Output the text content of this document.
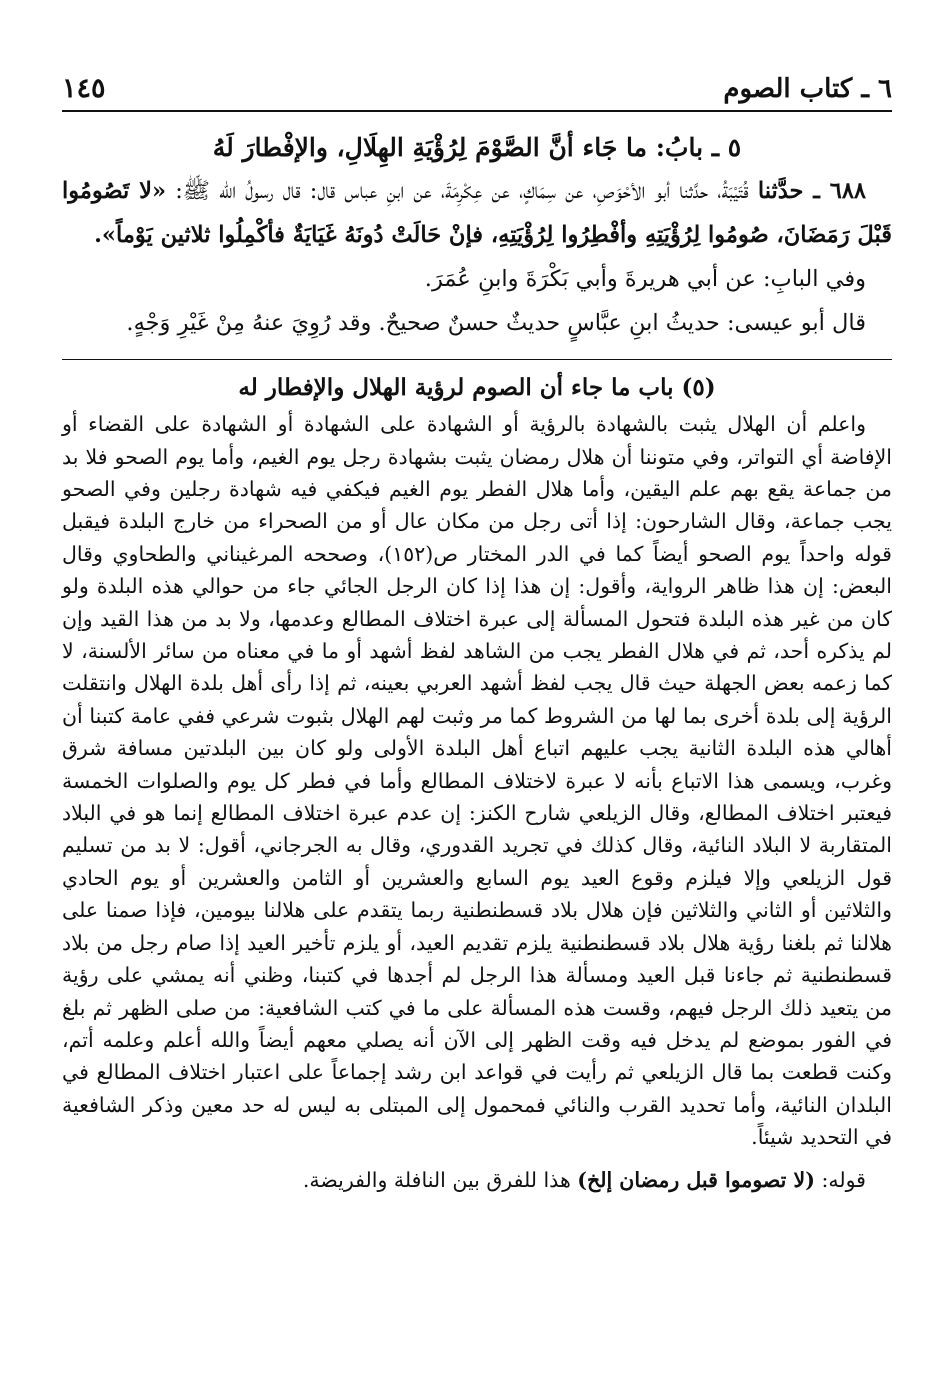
٦ ـ كتاب الصوم
١٤٥
٥ ـ بابُ: ما جَاء أنَّ الصَّوْمَ لِرُؤْيَةِ الهِلَالِ، والإفْطارَ لَهُ

٦٨٨ ـ حدَّثنا قُتَيْبَةُ، حدَّثنا أبو الأحْوَصِ، عن سِمَاكٍ، عن عِكْرِمَةَ، عن ابنِ عباس قال: قال رسولُ الله ﷺ: «لا تَصُومُوا قَبْلَ رَمَضَانَ، صُومُوا لِرُؤْيَتِهِ وأفْطِرُوا لِرُؤْيَتِهِ، فإنْ حَالَتْ دُونَهُ غَيَايَةٌ فأكْمِلُوا ثلاثين يَوْماً».

وفي البابِ: عن أبي هريرةَ وأبي بَكْرَةَ وابنِ عُمَرَ.

قال أبو عيسى: حديثُ ابنِ عبَّاسٍ حديثٌ حسنٌ صحيحٌ. وقد رُوِيَ عنهُ مِنْ غَيْرِ وَجْهٍ.

(٥) باب ما جاء أن الصوم لرؤية الهلال والإفطار له

واعلم أن الهلال يثبت بالشهادة بالرؤية أو الشهادة على الشهادة أو الشهادة على القضاء أو الإفاضة أي التواتر، وفي متوننا أن هلال رمضان يثبت بشهادة رجل يوم الغيم، وأما يوم الصحو فلا بد من جماعة يقع بهم علم اليقين، وأما هلال الفطر يوم الغيم فيكفي فيه شهادة رجلين وفي الصحو يجب جماعة، وقال الشارحون: إذا أتى رجل من مكان عال أو من الصحراء من خارج البلدة فيقبل قوله واحداً يوم الصحو أيضاً كما في الدر المختار ص(١٥٢)، وصححه المرغيناني والطحاوي وقال البعض: إن هذا ظاهر الرواية، وأقول: إن هذا إذا كان الرجل الجائي جاء من حوالي هذه البلدة ولو كان من غير هذه البلدة فتحول المسألة إلى عبرة اختلاف المطالع وعدمها، ولا بد من هذا القيد وإن لم يذكره أحد، ثم في هلال الفطر يجب من الشاهد لفظ أشهد أو ما في معناه من سائر الألسنة، لا كما زعمه بعض الجهلة حيث قال يجب لفظ أشهد العربي بعينه، ثم إذا رأى أهل بلدة الهلال وانتقلت الرؤية إلى بلدة أخرى بما لها من الشروط كما مر وثبت لهم الهلال بثبوت شرعي ففي عامة كتبنا أن أهالي هذه البلدة الثانية يجب عليهم اتباع أهل البلدة الأولى ولو كان بين البلدتين مسافة شرق وغرب، ويسمى هذا الاتباع بأنه لا عبرة لاختلاف المطالع وأما في فطر كل يوم والصلوات الخمسة فيعتبر اختلاف المطالع، وقال الزيلعي شارح الكنز: إن عدم عبرة اختلاف المطالع إنما هو في البلاد المتقاربة لا البلاد النائية، وقال كذلك في تجريد القدوري، وقال به الجرجاني، أقول: لا بد من تسليم قول الزيلعي وإلا فيلزم وقوع العيد يوم السابع والعشرين أو الثامن والعشرين أو يوم الحادي والثلاثين أو الثاني والثلاثين فإن هلال بلاد قسطنطنية ربما يتقدم على هلالنا بيومين، فإذا صمنا على هلالنا ثم بلغنا رؤية هلال بلاد قسطنطنية يلزم تقديم العيد، أو يلزم تأخير العيد إذا صام رجل من بلاد قسطنطنية ثم جاءنا قبل العيد ومسألة هذا الرجل لم أجدها في كتبنا، وظني أنه يمشي على رؤية من يتعيد ذلك الرجل فيهم، وقست هذه المسألة على ما في كتب الشافعية: من صلى الظهر ثم بلغ في الفور بموضع لم يدخل فيه وقت الظهر إلى الآن أنه يصلي معهم أيضاً والله أعلم وعلمه أتم، وكنت قطعت بما قال الزيلعي ثم رأيت في قواعد ابن رشد إجماعاً على اعتبار اختلاف المطالع في البلدان النائية، وأما تحديد القرب والنائي فمحمول إلى المبتلى به ليس له حد معين وذكر الشافعية في التحديد شيئاً.

قوله: (لا تصوموا قبل رمضان إلخ) هذا للفرق بين النافلة والفريضة.
